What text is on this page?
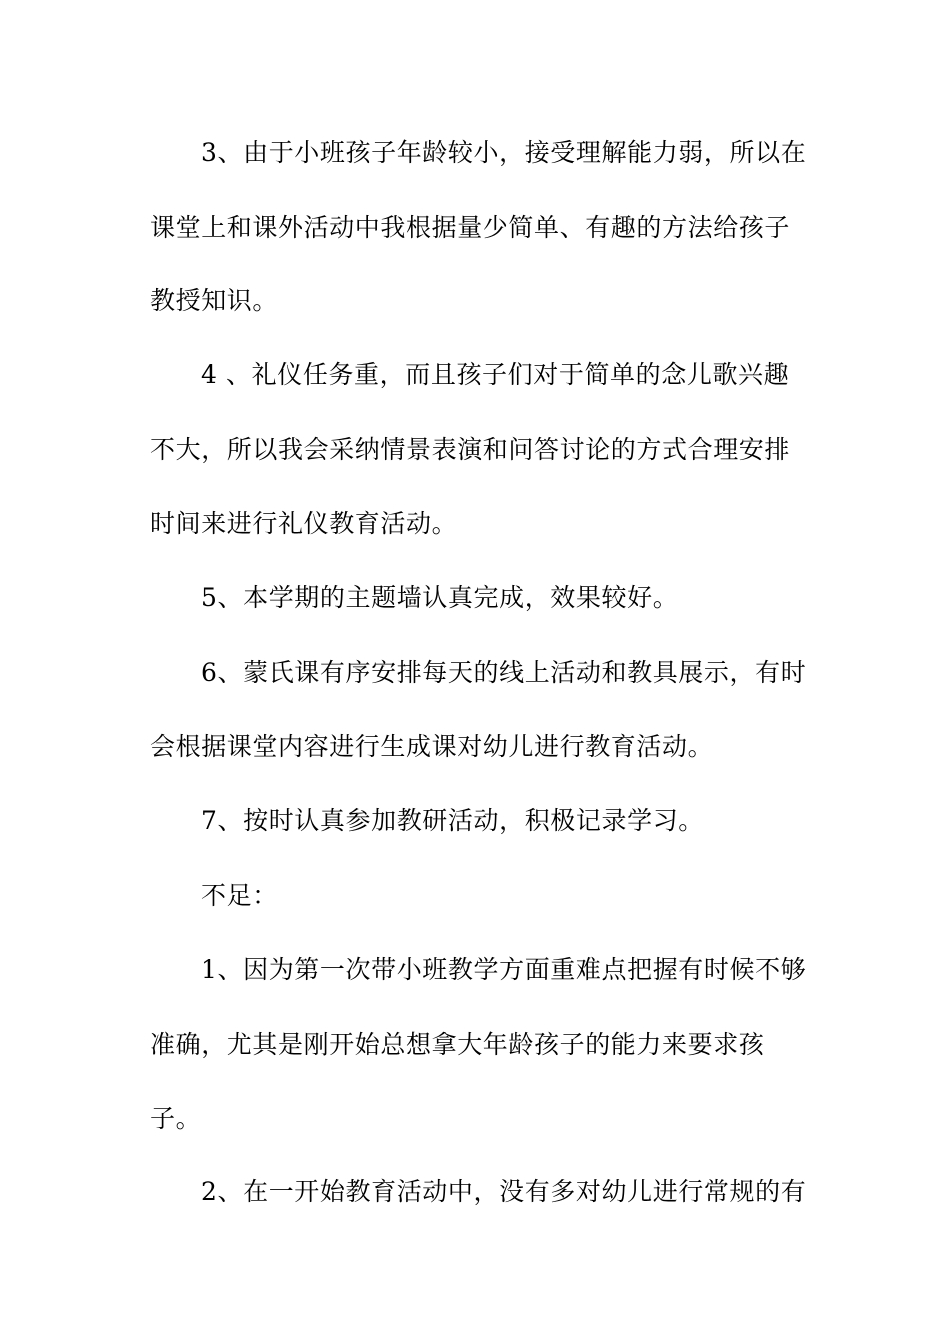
3、由于小班孩子年龄较小，接受理解能力弱，所以在
课堂上和课外活动中我根据量少简单、有趣的方法给孩子
教授知识。
4 、礼仪任务重，而且孩子们对于简单的念儿歌兴趣
不大，所以我会采纳情景表演和问答讨论的方式合理安排
时间来进行礼仪教育活动。
5、本学期的主题墙认真完成，效果较好。
6、蒙氏课有序安排每天的线上活动和教具展示，有时
会根据课堂内容进行生成课对幼儿进行教育活动。
7、按时认真参加教研活动，积极记录学习。
不足：
1、因为第一次带小班教学方面重难点把握有时候不够
准确，尤其是刚开始总想拿大年龄孩子的能力来要求孩
子。
2、在一开始教育活动中，没有多对幼儿进行常规的有
